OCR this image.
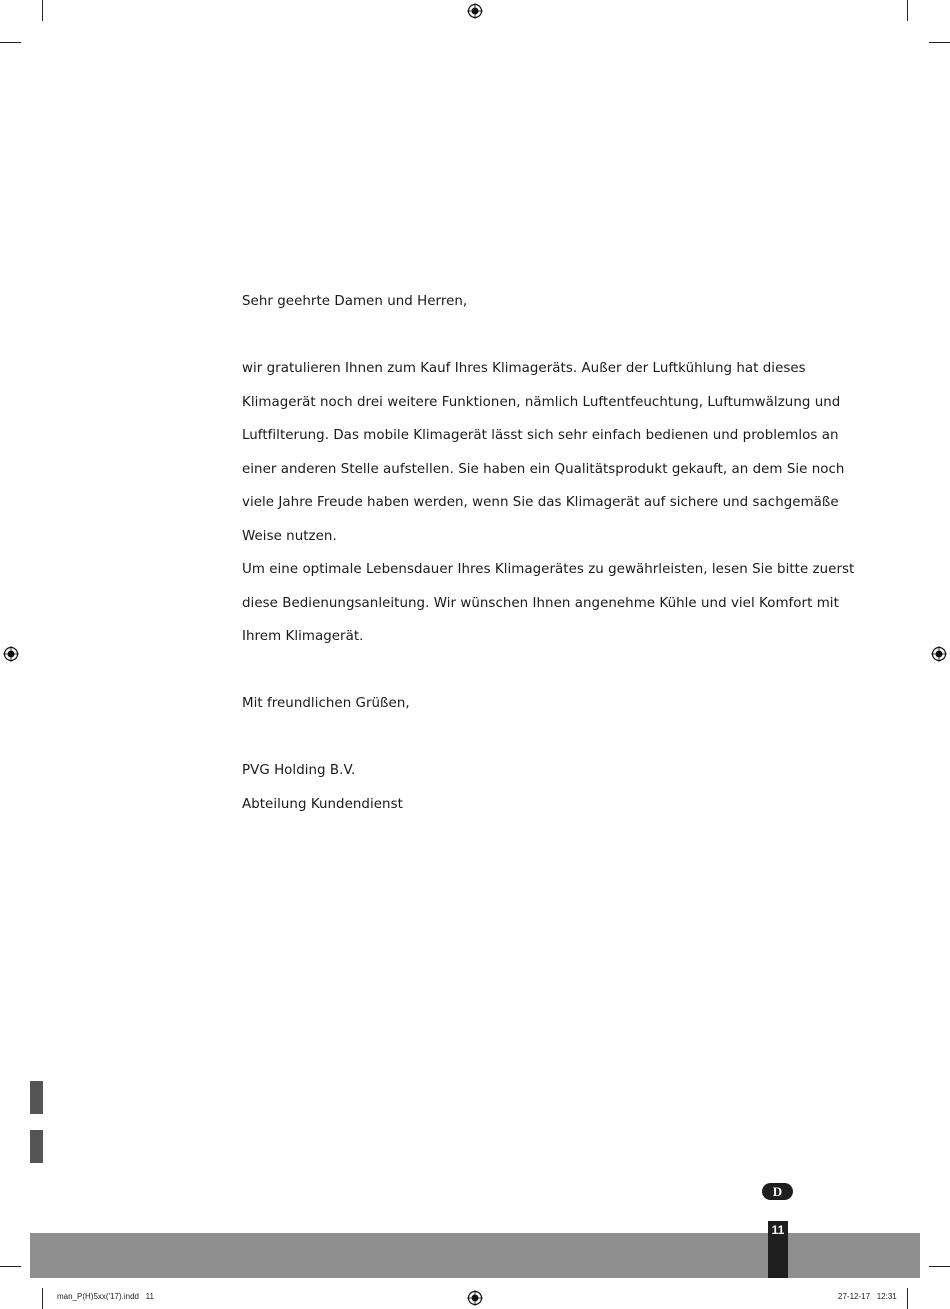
Sehr geehrte Damen und Herren,
wir gratulieren Ihnen zum Kauf Ihres Klimageräts. Außer der Luftkühlung hat dieses
Klimagerät noch drei weitere Funktionen, nämlich Luftentfeuchtung, Luftumwälzung und
Luftfilterung. Das mobile Klimagerät lässt sich sehr einfach bedienen und problemlos an
einer anderen Stelle aufstellen. Sie haben ein Qualitätsprodukt gekauft, an dem Sie noch
viele Jahre Freude haben werden, wenn Sie das Klimagerät auf sichere und sachgemäße
Weise nutzen.
Um eine optimale Lebensdauer Ihres Klimagerätes zu gewährleisten, lesen Sie bitte zuerst
diese Bedienungsanleitung. Wir wünschen Ihnen angenehme Kühle und viel Komfort mit
Ihrem Klimagerät.
Mit freundlichen Grüßen,
PVG Holding B.V.
Abteilung Kundendienst
D
11
man_P(H)5xx('17).indd   11	27-12-17   12:31
